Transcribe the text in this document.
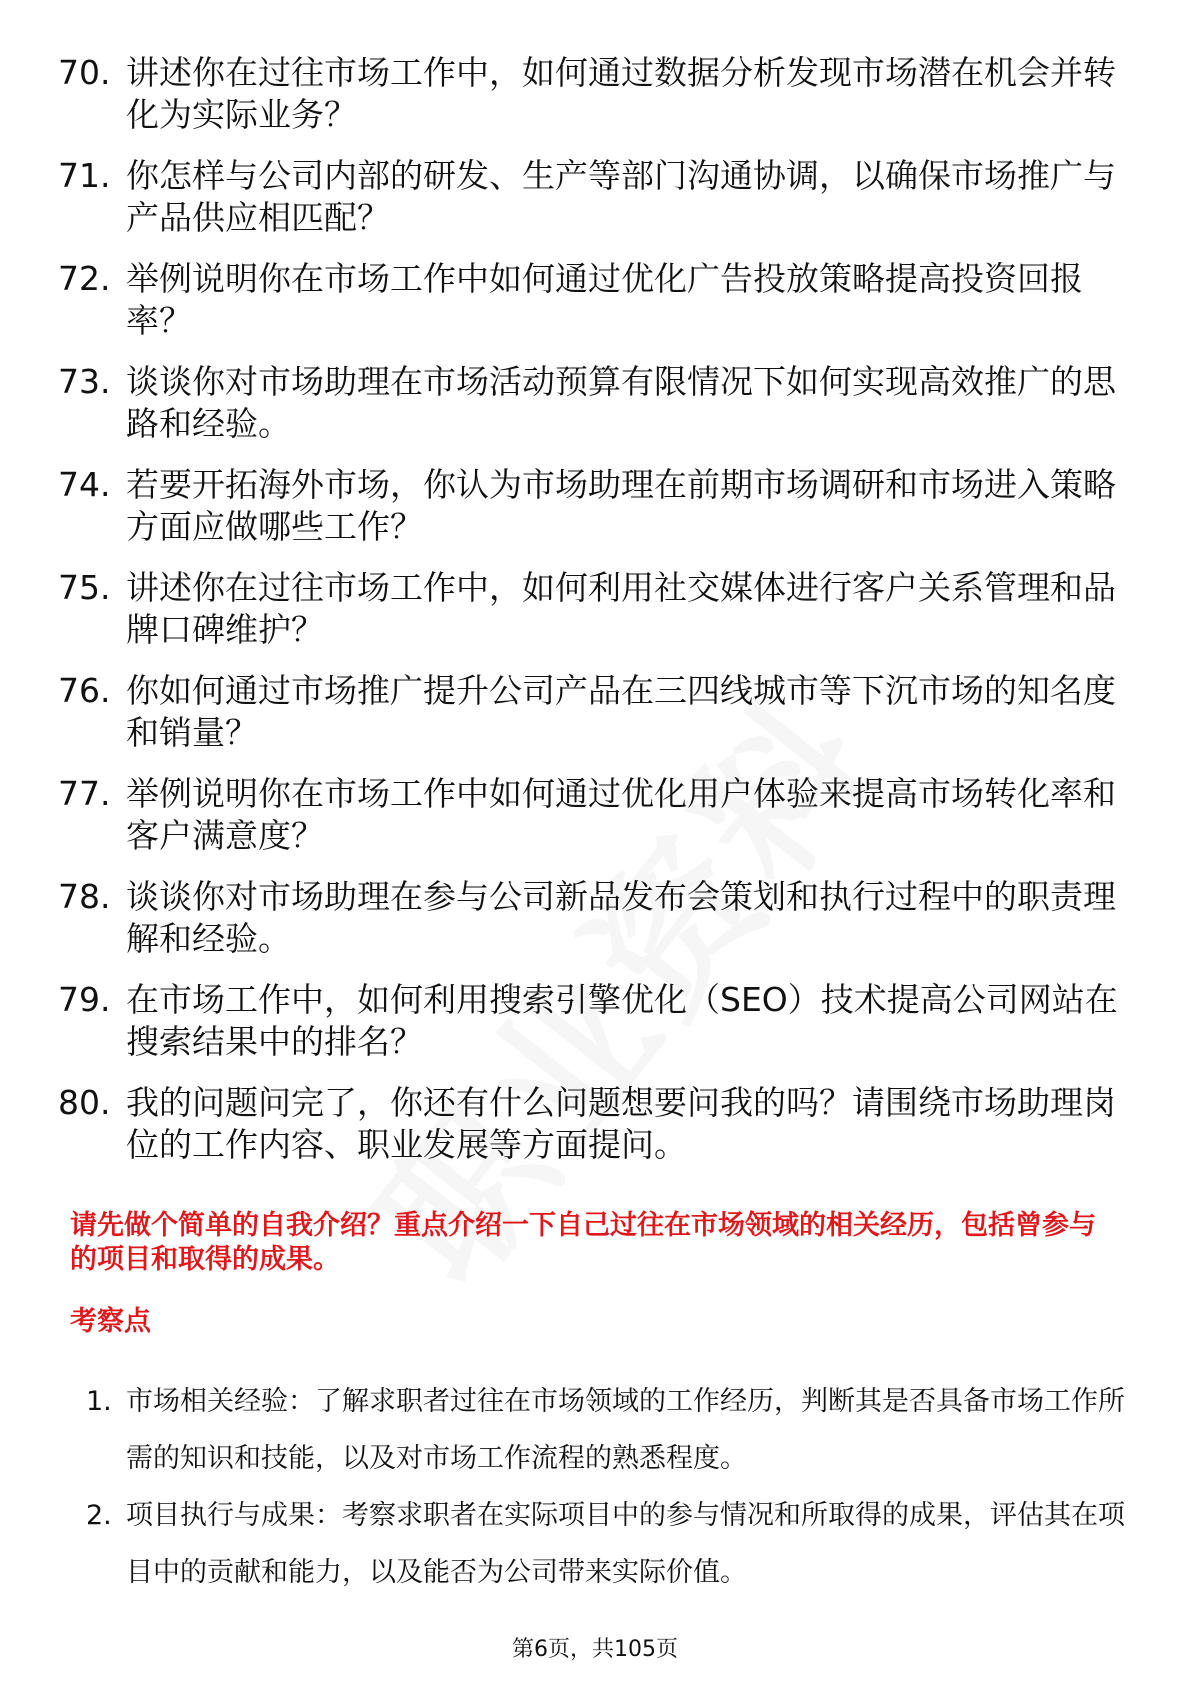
70. 讲述你在过往市场工作中，如何通过数据分析发现市场潜在机会并转化为实际业务？
71. 你怎样与公司内部的研发、生产等部门沟通协调，以确保市场推广与产品供应相匹配？
72. 举例说明你在市场工作中如何通过优化广告投放策略提高投资回报率？
73. 谈谈你对市场助理在市场活动预算有限情况下如何实现高效推广的思路和经验。
74. 若要开拓海外市场，你认为市场助理在前期市场调研和市场进入策略方面应做哪些工作？
75. 讲述你在过往市场工作中，如何利用社交媒体进行客户关系管理和品牌口碑维护？
76. 你如何通过市场推广提升公司产品在三四线城市等下沉市场的知名度和销量？
77. 举例说明你在市场工作中如何通过优化用户体验来提高市场转化率和客户满意度？
78. 谈谈你对市场助理在参与公司新品发布会策划和执行过程中的职责理解和经验。
79. 在市场工作中，如何利用搜索引擎优化（SEO）技术提高公司网站在搜索结果中的排名？
80. 我的问题问完了，你还有什么问题想要问我的吗？请围绕市场助理岗位的工作内容、职业发展等方面提问。

请先做个简单的自我介绍？重点介绍一下自己过往在市场领域的相关经历，包括曾参与的项目和取得的成果。

考察点
1. 市场相关经验：了解求职者过往在市场领域的工作经历，判断其是否具备市场工作所需的知识和技能，以及对市场工作流程的熟悉程度。
2. 项目执行与成果：考察求职者在实际项目中的参与情况和所取得的成果，评估其在项目中的贡献和能力，以及能否为公司带来实际价值。
第6页，共105页
